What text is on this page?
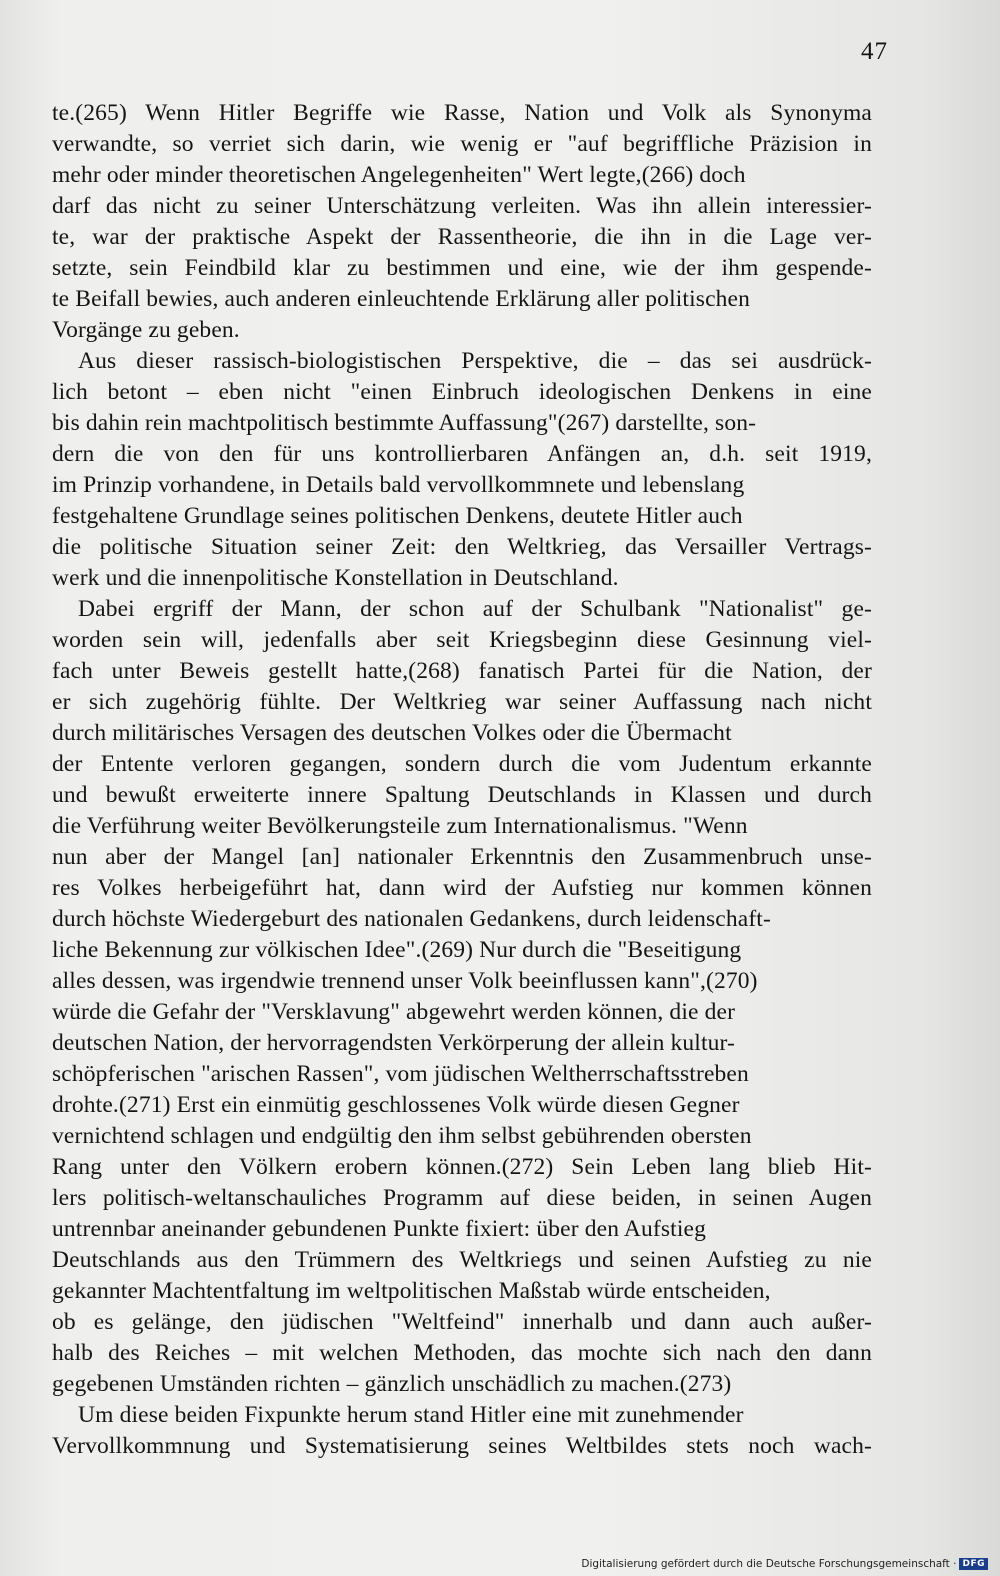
47
te.(265) Wenn Hitler Begriffe wie Rasse, Nation und Volk als Synonyma
verwandte, so verriet sich darin, wie wenig er "auf begriffliche Präzision in
mehr oder minder theoretischen Angelegenheiten" Wert legte,(266) doch
darf das nicht zu seiner Unterschätzung verleiten. Was ihn allein interessier-
te, war der praktische Aspekt der Rassentheorie, die ihn in die Lage ver-
setzte, sein Feindbild klar zu bestimmen und eine, wie der ihm gespende-
te Beifall bewies, auch anderen einleuchtende Erklärung aller politischen
Vorgänge zu geben.
Aus dieser rassisch-biologistischen Perspektive, die – das sei ausdrück-
lich betont – eben nicht "einen Einbruch ideologischen Denkens in eine
bis dahin rein machtpolitisch bestimmte Auffassung"(267) darstellte, son-
dern die von den für uns kontrollierbaren Anfängen an, d.h. seit 1919,
im Prinzip vorhandene, in Details bald vervollkommnete und lebenslang
festgehaltene Grundlage seines politischen Denkens, deutete Hitler auch
die politische Situation seiner Zeit: den Weltkrieg, das Versailler Vertrags-
werk und die innenpolitische Konstellation in Deutschland.
Dabei ergriff der Mann, der schon auf der Schulbank "Nationalist" ge-
worden sein will, jedenfalls aber seit Kriegsbeginn diese Gesinnung viel-
fach unter Beweis gestellt hatte,(268) fanatisch Partei für die Nation, der
er sich zugehörig fühlte. Der Weltkrieg war seiner Auffassung nach nicht
durch militärisches Versagen des deutschen Volkes oder die Übermacht
der Entente verloren gegangen, sondern durch die vom Judentum erkannte
und bewußt erweiterte innere Spaltung Deutschlands in Klassen und durch
die Verführung weiter Bevölkerungsteile zum Internationalismus. "Wenn
nun aber der Mangel [an] nationaler Erkenntnis den Zusammenbruch unse-
res Volkes herbeigeführt hat, dann wird der Aufstieg nur kommen können
durch höchste Wiedergeburt des nationalen Gedankens, durch leidenschaft-
liche Bekennung zur völkischen Idee".(269) Nur durch die "Beseitigung
alles dessen, was irgendwie trennend unser Volk beeinflussen kann",(270)
würde die Gefahr der "Versklavung" abgewehrt werden können, die der
deutschen Nation, der hervorragendsten Verkörperung der allein kultur-
schöpferischen "arischen Rassen", vom jüdischen Weltherrschaftsstreben
drohte.(271) Erst ein einmütig geschlossenes Volk würde diesen Gegner
vernichtend schlagen und endgültig den ihm selbst gebührenden obersten
Rang unter den Völkern erobern können.(272) Sein Leben lang blieb Hit-
lers politisch-weltanschauliches Programm auf diese beiden, in seinen Augen
untrennbar aneinander gebundenen Punkte fixiert: über den Aufstieg
Deutschlands aus den Trümmern des Weltkriegs und seinen Aufstieg zu nie
gekannter Machtentfaltung im weltpolitischen Maßstab würde entscheiden,
ob es gelänge, den jüdischen "Weltfeind" innerhalb und dann auch außer-
halb des Reiches – mit welchen Methoden, das mochte sich nach den dann
gegebenen Umständen richten – gänzlich unschädlich zu machen.(273)
Um diese beiden Fixpunkte herum stand Hitler eine mit zunehmender
Vervollkommnung und Systematisierung seines Weltbildes stets noch wach-
Digitalisierung gefördert durch die Deutsche Forschungsgemeinschaft · DFG
